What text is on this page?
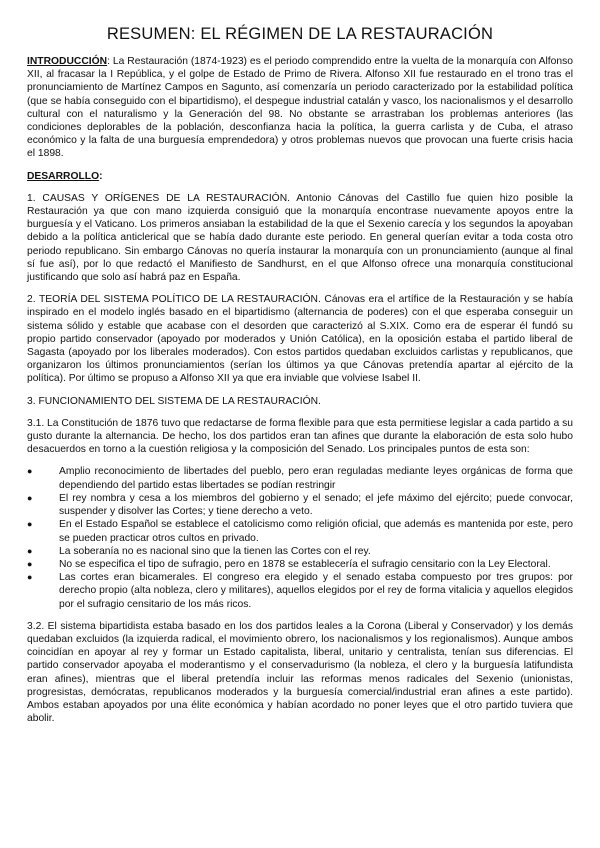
RESUMEN: EL RÉGIMEN DE LA RESTAURACIÓN

INTRODUCCIÓN: La Restauración (1874-1923) es el periodo comprendido entre la vuelta de la monarquía con Alfonso XII, al fracasar la I República, y el golpe de Estado de Primo de Rivera. Alfonso XII fue restaurado en el trono tras el pronunciamiento de Martínez Campos en Sagunto, así comenzaría un periodo caracterizado por la estabilidad política (que se había conseguido con el bipartidismo), el despegue industrial catalán y vasco, los nacionalismos y el desarrollo cultural con el naturalismo y la Generación del 98. No obstante se arrastraban los problemas anteriores (las condiciones deplorables de la población, desconfianza hacia la política, la guerra carlista y de Cuba, el atraso económico y la falta de una burguesía emprendedora) y otros problemas nuevos que provocan una fuerte crisis hacia el 1898.

DESARROLLO:

1. CAUSAS Y ORÍGENES DE LA RESTAURACIÓN. Antonio Cánovas del Castillo fue quien hizo posible la Restauración ya que con mano izquierda consiguió que la monarquía encontrase nuevamente apoyos entre la burguesía y el Vaticano. Los primeros ansiaban la estabilidad de la que el Sexenio carecía y los segundos la apoyaban debido a la política anticlerical que se había dado durante este periodo. En general querían evitar a toda costa otro periodo republicano. Sin embargo Cánovas no quería instaurar la monarquía con un pronunciamiento (aunque al final sí fue así), por lo que redactó el Manifiesto de Sandhurst, en el que Alfonso ofrece una monarquía constitucional justificando que solo así habrá paz en España.

2. TEORÍA DEL SISTEMA POLÍTICO DE LA RESTAURACIÓN. Cánovas era el artífice de la Restauración y se había inspirado en el modelo inglés basado en el bipartidismo (alternancia de poderes) con el que esperaba conseguir un sistema sólido y estable que acabase con el desorden que caracterizó al S.XIX. Como era de esperar él fundó su propio partido conservador (apoyado por moderados y Unión Católica), en la oposición estaba el partido liberal de Sagasta (apoyado por los liberales moderados). Con estos partidos quedaban excluidos carlistas y republicanos, que organizaron los últimos pronunciamientos (serían los últimos ya que Cánovas pretendía apartar al ejército de la política). Por último se propuso a Alfonso XII ya que era inviable que volviese Isabel II.

3. FUNCIONAMIENTO DEL SISTEMA DE LA RESTAURACIÓN.

3.1. La Constitución de 1876 tuvo que redactarse de forma flexible para que esta permitiese legislar a cada partido a su gusto durante la alternancia. De hecho, los dos partidos eran tan afines que durante la elaboración de esta solo hubo desacuerdos en torno a la cuestión religiosa y la composición del Senado. Los principales puntos de esta son:

●	Amplio reconocimiento de libertades del pueblo, pero eran reguladas mediante leyes orgánicas de forma que dependiendo del partido estas libertades se podían restringir
●	El rey nombra y cesa a los miembros del gobierno y el senado; el jefe máximo del ejército; puede convocar, suspender y disolver las Cortes; y tiene derecho a veto.
●	En el Estado Español se establece el catolicismo como religión oficial, que además es mantenida por este, pero se pueden practicar otros cultos en privado.
●	La soberanía no es nacional sino que la tienen las Cortes con el rey.
●	No se especifica el tipo de sufragio, pero en 1878 se establecería el sufragio censitario con la Ley Electoral.
●	Las cortes eran bicamerales. El congreso era elegido y el senado estaba compuesto por tres grupos: por derecho propio (alta nobleza, clero y militares), aquellos elegidos por el rey de forma vitalicia y aquellos elegidos por el sufragio censitario de los más ricos.

3.2. El sistema bipartidista estaba basado en los dos partidos leales a la Corona (Liberal y Conservador) y los demás quedaban excluidos (la izquierda radical, el movimiento obrero, los nacionalismos y los regionalismos). Aunque ambos coincidían en apoyar al rey y formar un Estado capitalista, liberal, unitario y centralista, tenían sus diferencias. El partido conservador apoyaba el moderantismo y el conservadurismo (la nobleza, el clero y la burguesía latifundista eran afines), mientras que el liberal pretendía incluir las reformas menos radicales del Sexenio (unionistas, progresistas, demócratas, republicanos moderados y la burguesía comercial/industrial eran afines a este partido). Ambos estaban apoyados por una élite económica y habían acordado no poner leyes que el otro partido tuviera que abolir.
